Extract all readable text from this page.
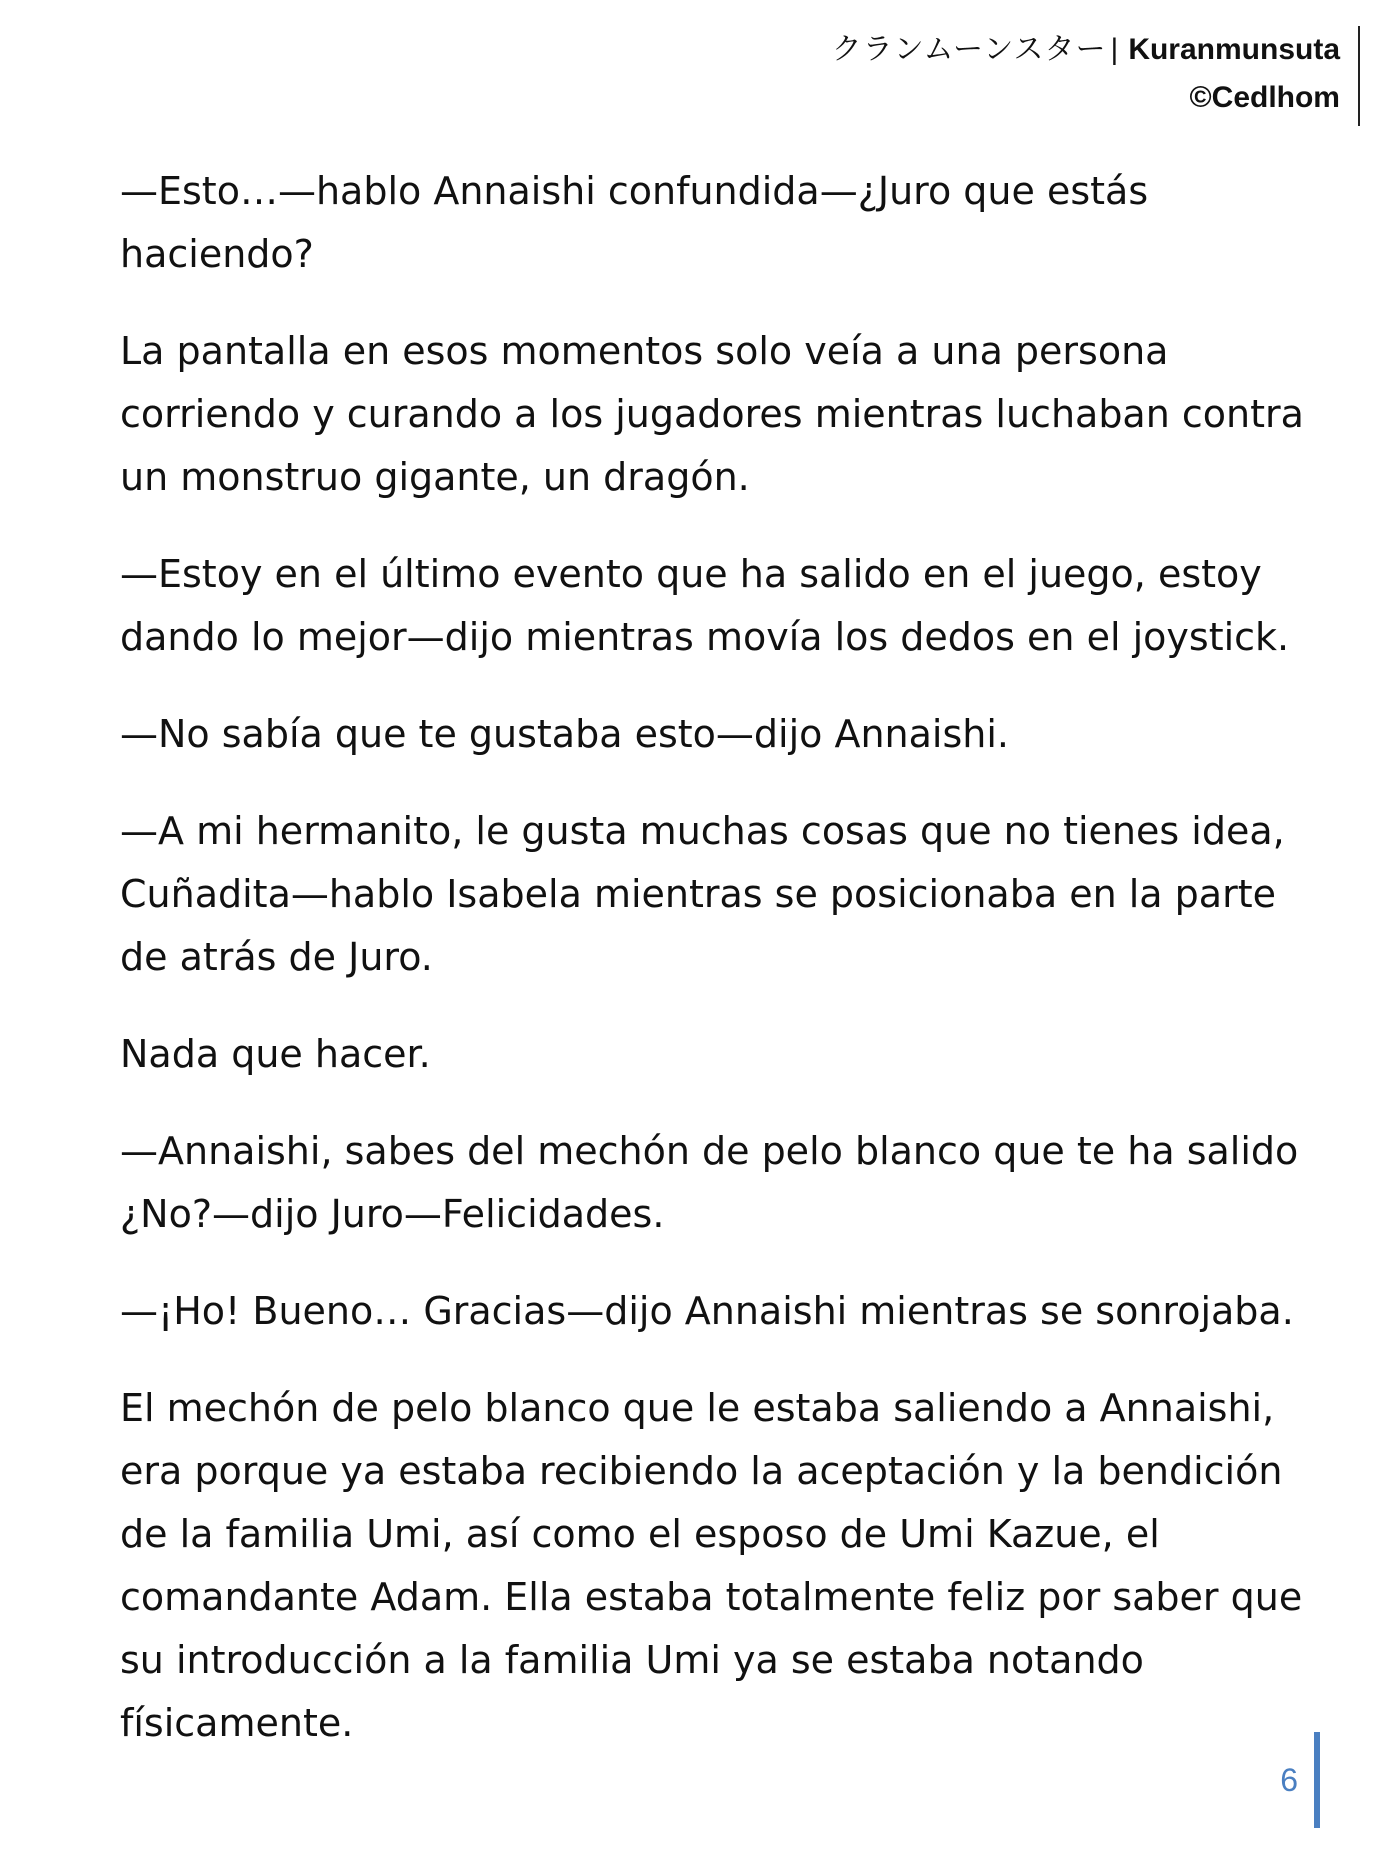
クランムーンスター | Kuranmunsuta
©Cedlhom

—Esto…—hablo Annaishi confundida—¿Juro que estás haciendo?

La pantalla en esos momentos solo veía a una persona corriendo y curando a los jugadores mientras luchaban contra un monstruo gigante, un dragón.

—Estoy en el último evento que ha salido en el juego, estoy dando lo mejor—dijo mientras movía los dedos en el joystick.

—No sabía que te gustaba esto—dijo Annaishi.

—A mi hermanito, le gusta muchas cosas que no tienes idea, Cuñadita—hablo Isabela mientras se posicionaba en la parte de atrás de Juro.

Nada que hacer.

—Annaishi, sabes del mechón de pelo blanco que te ha salido ¿No?—dijo Juro—Felicidades.

—¡Ho! Bueno… Gracias—dijo Annaishi mientras se sonrojaba.

El mechón de pelo blanco que le estaba saliendo a Annaishi, era porque ya estaba recibiendo la aceptación y la bendición de la familia Umi, así como el esposo de Umi Kazue, el comandante Adam. Ella estaba totalmente feliz por saber que su introducción a la familia Umi ya se estaba notando físicamente.

6
